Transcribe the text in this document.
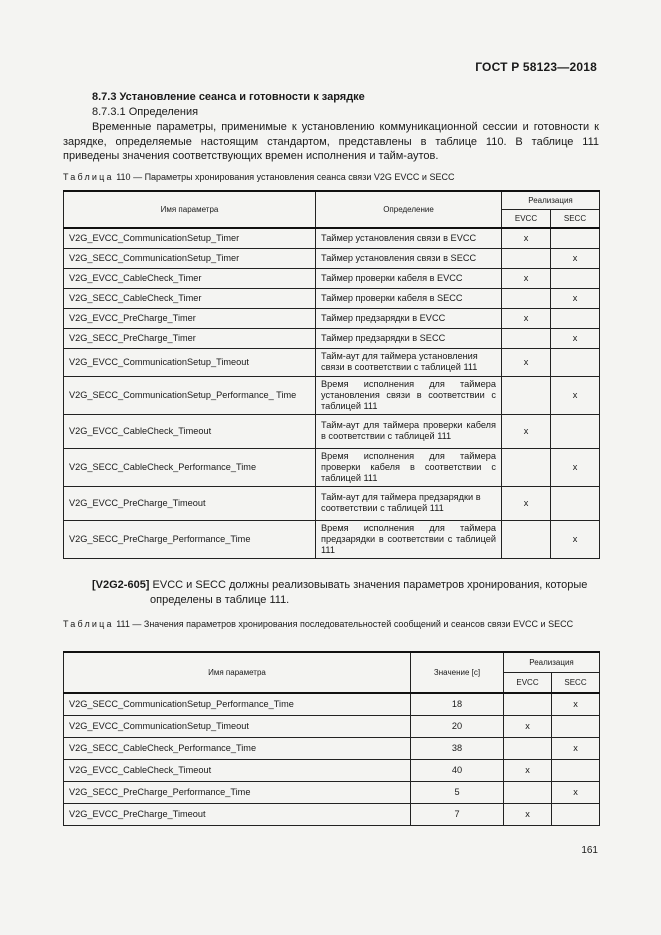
ГОСТ Р 58123—2018
8.7.3 Установление сеанса и готовности к зарядке
8.7.3.1 Определения
Временные параметры, применимые к установлению коммуникационной сессии и готовности к зарядке, определяемые настоящим стандартом, представлены в таблице 110. В таблице 111 приведены значения соответствующих времен исполнения и тайм-аутов.
Таблица 110 — Параметры хронирования установления сеанса связи V2G EVCC и SECC
Имя параметра	Определение	Реализация	
		EVCC	SECC
V2G_EVCC_CommunicationSetup_Timer	Таймер установления связи в EVCC	x	
V2G_SECC_CommunicationSetup_Timer	Таймер установления связи в SECC		x
V2G_EVCC_CableCheck_Timer	Таймер проверки кабеля в EVCC	x	
V2G_SECC_CableCheck_Timer	Таймер проверки кабеля в SECC		x
V2G_EVCC_PreCharge_Timer	Таймер предзарядки в EVCC	x	
V2G_SECC_PreCharge_Timer	Таймер предзарядки в SECC		x
V2G_EVCC_CommunicationSetup_Timeout	Тайм-аут для таймера установления связи в соответствии с таблицей 111	x	
V2G_SECC_CommunicationSetup_Performance_ Time	Время исполнения для таймера установления связи в соответствии с таблицей 111		x
V2G_EVCC_CableCheck_Timeout	Тайм-аут для таймера проверки кабеля в соответствии с таблицей 111	x	
V2G_SECC_CableCheck_Performance_Time	Время исполнения для таймера проверки кабеля в соответствии с таблицей 111		x
V2G_EVCC_PreCharge_Timeout	Тайм-аут для таймера предзарядки в соответствии с таблицей 111	x	
V2G_SECC_PreCharge_Performance_Time	Время исполнения для таймера предзарядки в соответствии с таблицей 111		x
[V2G2-605] EVCC и SECC должны реализовывать значения параметров хронирования, которые
определены в таблице 111.
Таблица 111 — Значения параметров хронирования последовательностей сообщений и сеансов связи EVCC и SECC
Имя параметра	Значение [с]	Реализация	
		EVCC	SECC
V2G_SECC_CommunicationSetup_Performance_Time	18		x
V2G_EVCC_CommunicationSetup_Timeout	20	x	
V2G_SECC_CableCheck_Performance_Time	38		x
V2G_EVCC_CableCheck_Timeout	40	x	
V2G_SECC_PreCharge_Performance_Time	5		x
V2G_EVCC_PreCharge_Timeout	7	x	
161
